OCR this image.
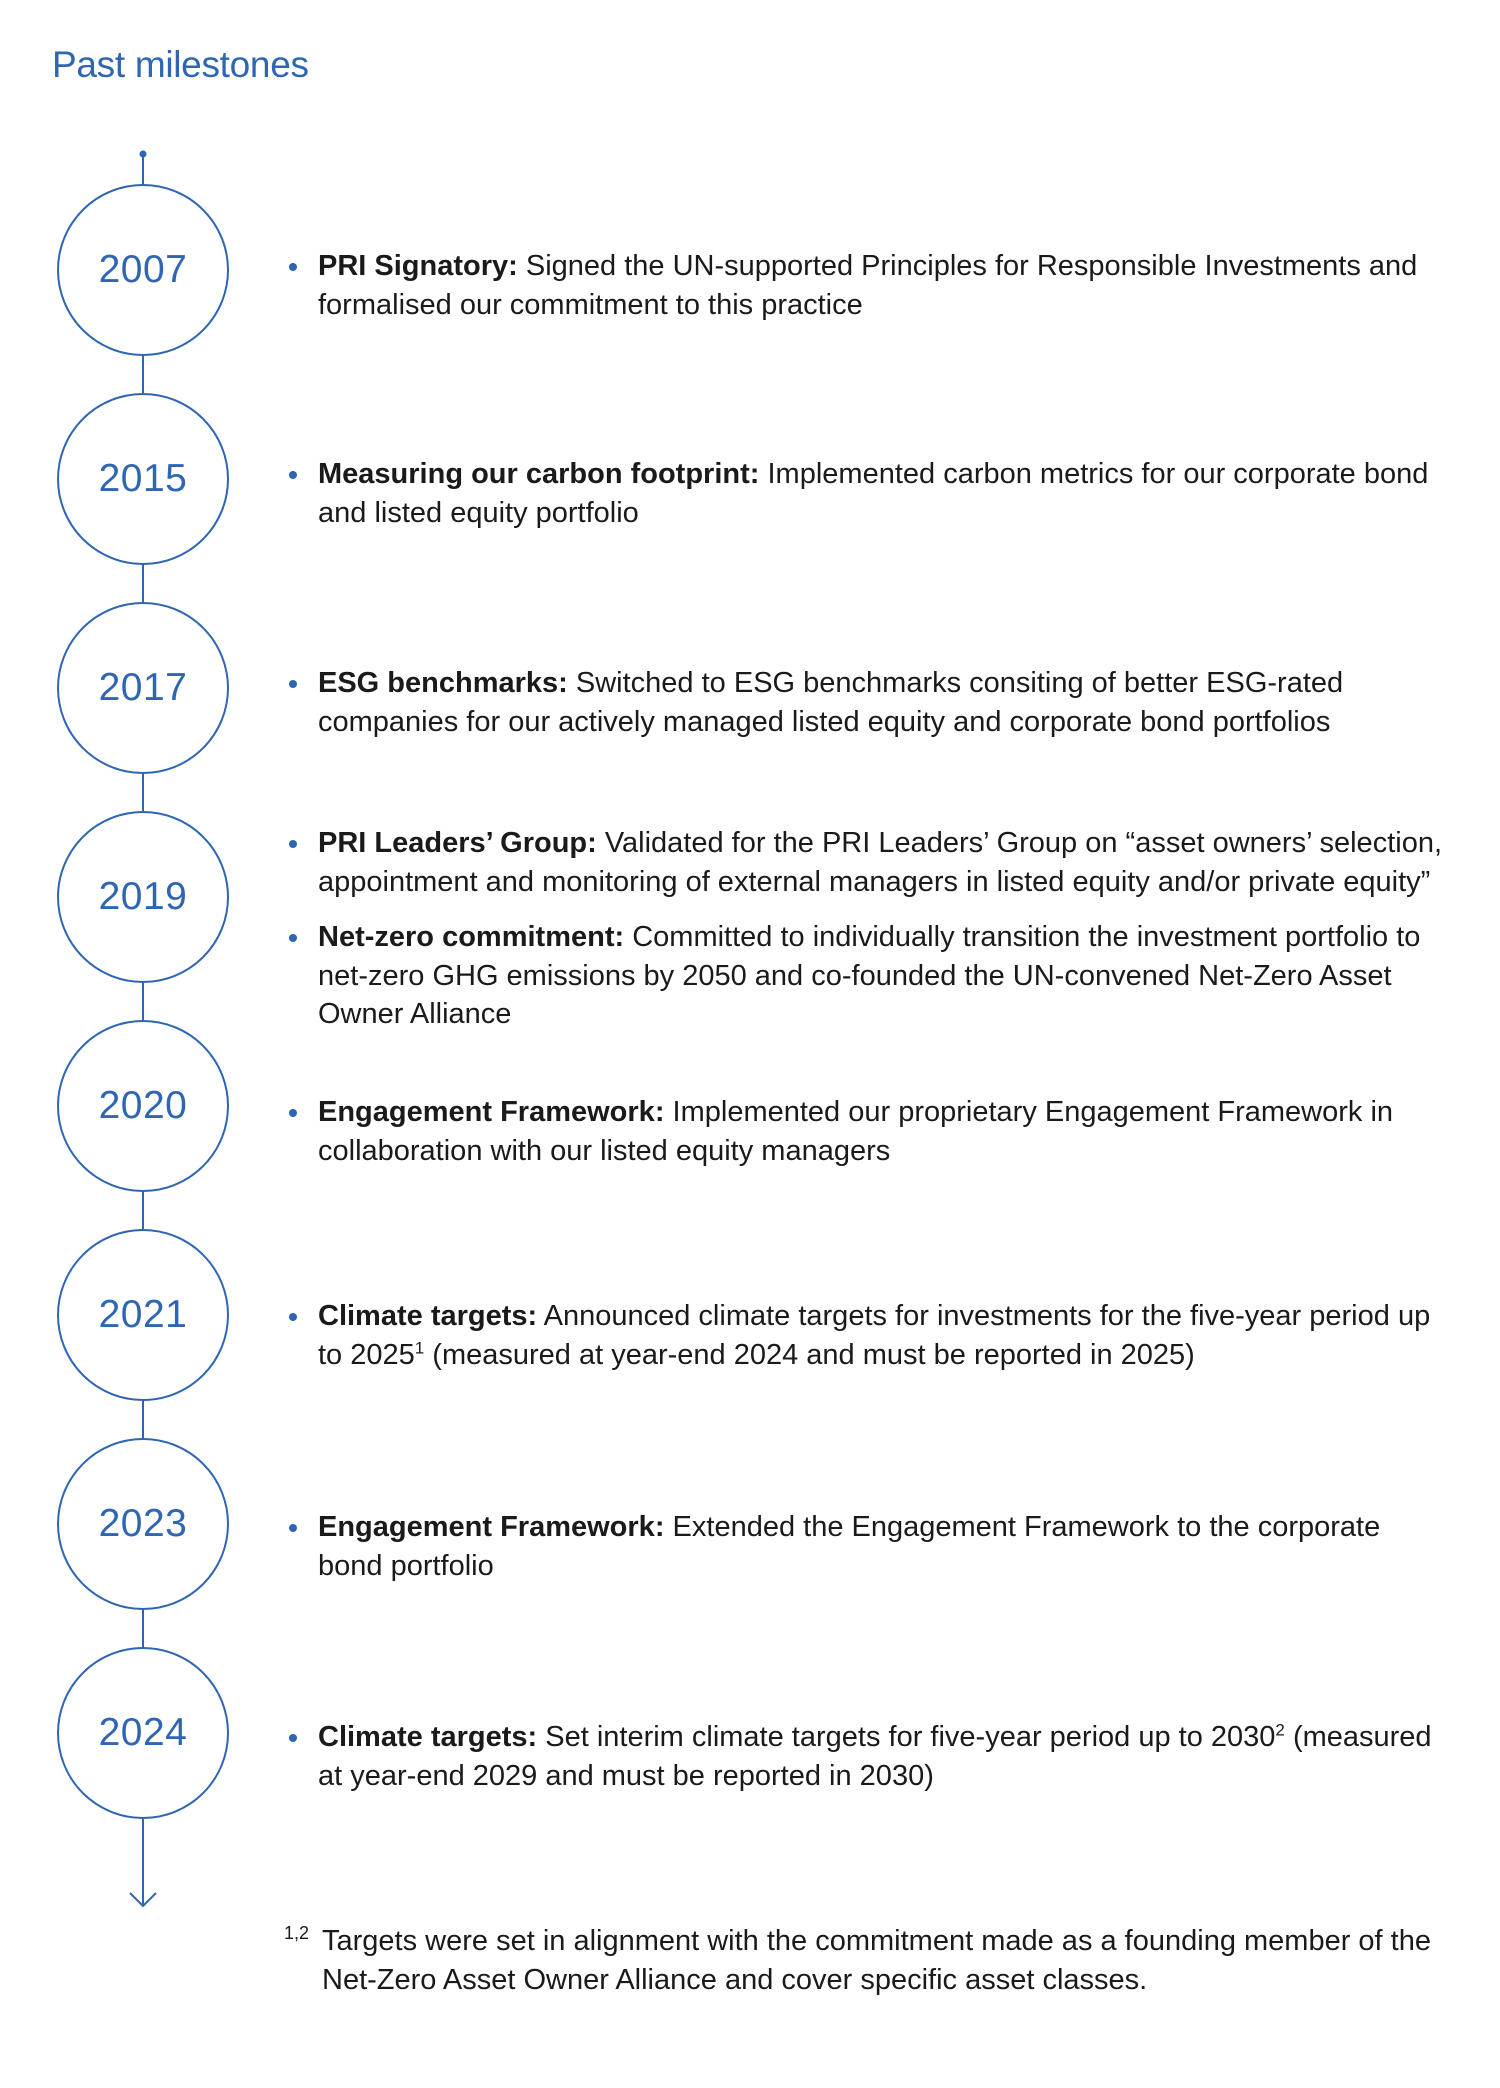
Past milestones
2007
2015
2017
2019
2020
2021
2023
2024
PRI Signatory: Signed the UN-supported Principles for Responsible Investments and formalised our commitment to this practice
Measuring our carbon footprint: Implemented carbon metrics for our corporate bond and listed equity portfolio
ESG benchmarks: Switched to ESG benchmarks consiting of better ESG-rated companies for our actively managed listed equity and corporate bond portfolios
PRI Leaders’ Group: Validated for the PRI Leaders’ Group on “asset owners’ selection, appointment and monitoring of external managers in listed equity and/or private equity”
Net-zero commitment: Committed to individually transition the investment portfolio to net-zero GHG emissions by 2050 and co-founded the UN-convened Net-Zero Asset Owner Alliance
Engagement Framework: Implemented our proprietary Engagement Framework in collaboration with our listed equity managers
Climate targets: Announced climate targets for investments for the five-year period up to 2025$^1$ (measured at year-end 2024 and must be reported in 2025)
Engagement Framework: Extended the Engagement Framework to the corporate bond portfolio
Climate targets: Set interim climate targets for five-year period up to 2030$^2$ (measured at year-end 2029 and must be reported in 2030)
1,2 Targets were set in alignment with the commitment made as a founding member of the Net-Zero Asset Owner Alliance and cover specific asset classes.
